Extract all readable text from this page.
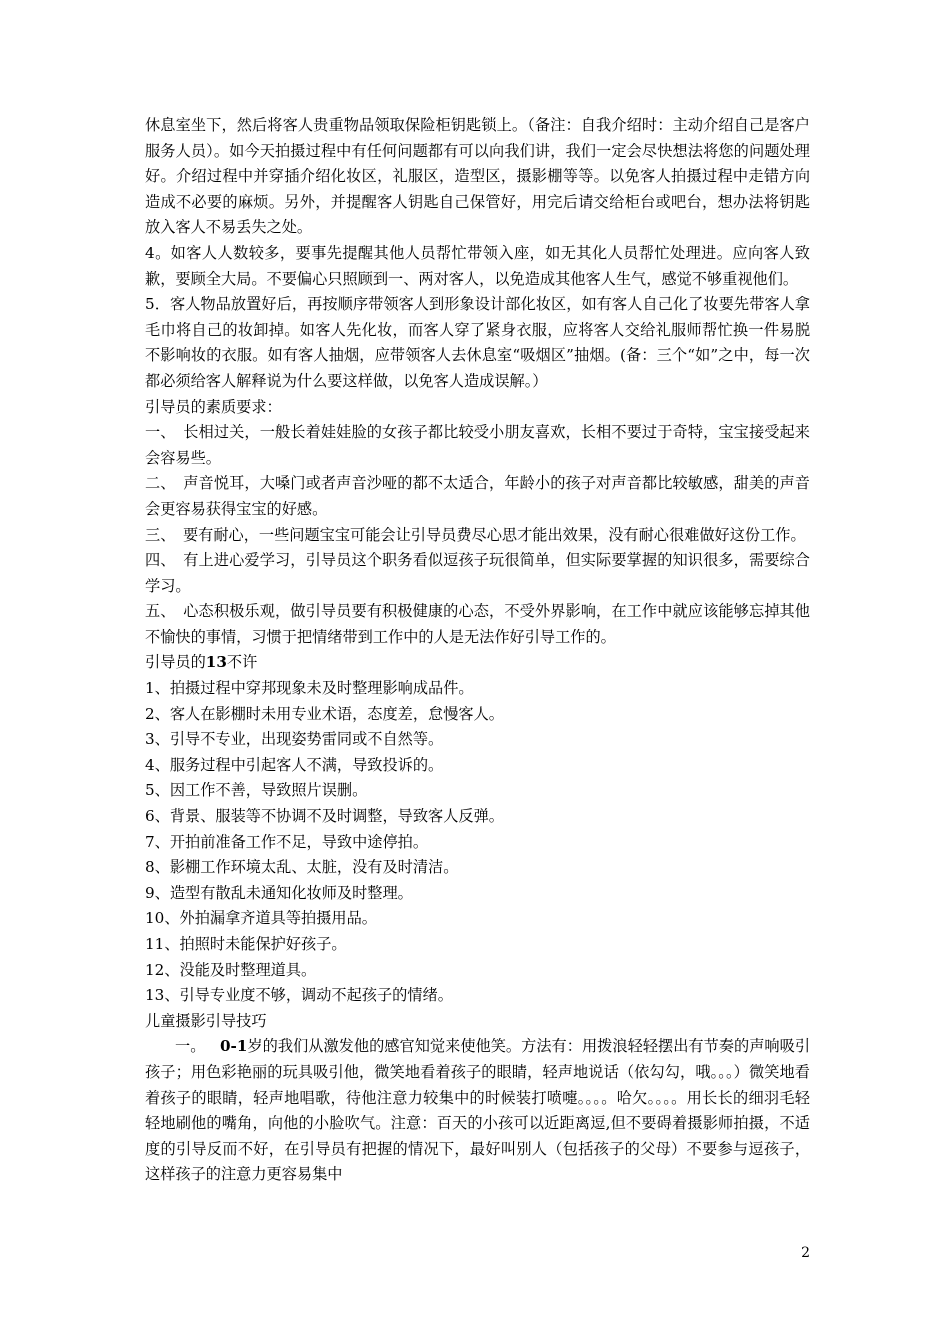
休息室坐下，然后将客人贵重物品领取保险柜钥匙锁上。（备注：自我介绍时：主动介绍自己是客户服务人员）。如今天拍摄过程中有任何问题都有可以向我们讲，我们一定会尽快想法将您的问题处理好。介绍过程中并穿插介绍化妆区，礼服区，造型区，摄影棚等等。以免客人拍摄过程中走错方向造成不必要的麻烦。另外，并提醒客人钥匙自己保管好，用完后请交给柜台或吧台，想办法将钥匙放入客人不易丢失之处。

4。如客人人数较多，要事先提醒其他人员帮忙带领入座，如无其化人员帮忙处理进。应向客人致歉，要顾全大局。不要偏心只照顾到一、两对客人，以免造成其他客人生气，感觉不够重视他们。

5．客人物品放置好后，再按顺序带领客人到形象设计部化妆区，如有客人自己化了妆要先带客人拿毛巾将自己的妆卸掉。如客人先化妆，而客人穿了紧身衣服，应将客人交给礼服师帮忙换一件易脱不影响妆的衣服。如有客人抽烟，应带领客人去休息室“吸烟区”抽烟。(备：三个“如”之中，每一次都必须给客人解释说为什么要这样做，以免客人造成误解。）

引导员的素质要求：

一、　长相过关，一般长着娃娃脸的女孩子都比较受小朋友喜欢，长相不要过于奇特，宝宝接受起来会容易些。

二、　声音悦耳，大嗓门或者声音沙哑的都不太适合，年龄小的孩子对声音都比较敏感，甜美的声音会更容易获得宝宝的好感。

三、　要有耐心，一些问题宝宝可能会让引导员费尽心思才能出效果，没有耐心很难做好这份工作。

四、　有上进心爱学习，引导员这个职务看似逗孩子玩很简单，但实际要掌握的知识很多，需要综合学习。

五、　心态积极乐观，做引导员要有积极健康的心态，不受外界影响，在工作中就应该能够忘掉其他不愉快的事情，习惯于把情绪带到工作中的人是无法作好引导工作的。

引导员的13不许

1、拍摄过程中穿邦现象未及时整理影响成品件。

2、客人在影棚时未用专业术语，态度差，怠慢客人。

3、引导不专业，出现姿势雷同或不自然等。

4、服务过程中引起客人不满，导致投诉的。

5、因工作不善，导致照片误删。

6、背景、服装等不协调不及时调整，导致客人反弹。

7、开拍前准备工作不足，导致中途停拍。

8、影棚工作环境太乱、太脏，没有及时清洁。

9、造型有散乱未通知化妆师及时整理。

10、外拍漏拿齐道具等拍摄用品。

11、拍照时未能保护好孩子。

12、没能及时整理道具。

13、引导专业度不够，调动不起孩子的情绪。

儿童摄影引导技巧

一。 0-1岁的我们从激发他的感官知觉来使他笑。方法有：用拨浪轻轻摆出有节奏的声响吸引孩子；用色彩艳丽的玩具吸引他，微笑地看着孩子的眼睛，轻声地说话（依勾勾，哦。。。）微笑地看着孩子的眼睛，轻声地唱歌，待他注意力较集中的时候装打喷嚏。。。。哈欠。。。。用长长的细羽毛轻轻地刷他的嘴角，向他的小脸吹气。注意：百天的小孩可以近距离逗,但不要碍着摄影师拍摄，不适度的引导反而不好，在引导员有把握的情况下，最好叫别人（包括孩子的父母）不要参与逗孩子，这样孩子的注意力更容易集中

2
